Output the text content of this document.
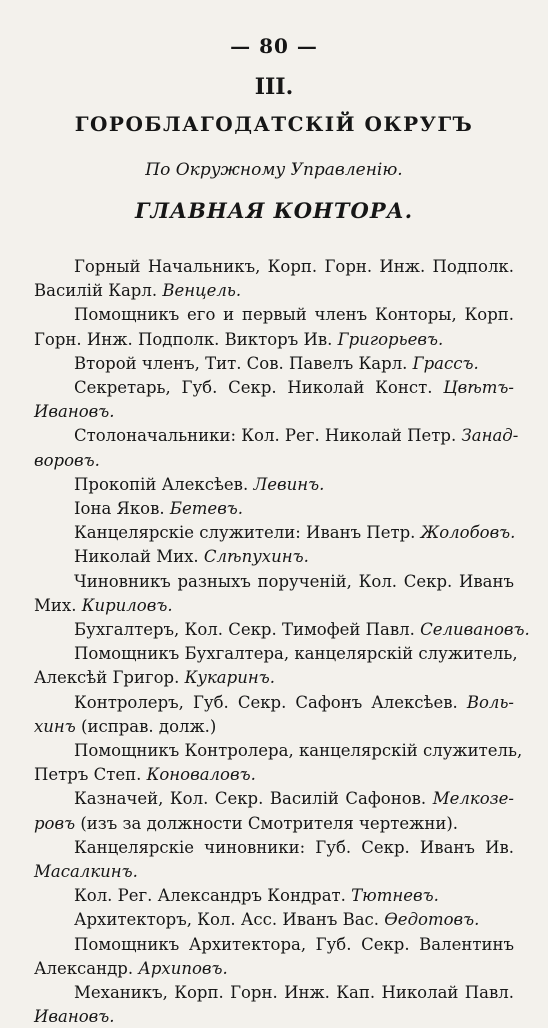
— 80 —
III.
ГОРОБЛАГОДАТСКІЙ ОКРУГЪ
По Окружному Управленію.
ГЛАВНАЯ КОНТОРА.
Горный Начальникъ, Корп. Горн. Инж. Подполк.
Василій Карл. Венцель.
Помощникъ его и первый членъ Конторы, Корп.
Горн. Инж. Подполк. Викторъ Ив. Григорьевъ.
Второй членъ, Тит. Сов. Павелъ Карл. Грассъ.
Секретарь, Губ. Секр. Николай Конст. Цвѣтъ-
Ивановъ.
Столоначальники: Кол. Рег. Николай Петр. Занад-
воровъ.
Прокопій Алексѣев. Левинъ.
Іона Яков. Бетевъ.
Канцелярскіе служители: Иванъ Петр. Жолобовъ.
Николай Мих. Слѣпухинъ.
Чиновникъ разныхъ порученій, Кол. Секр. Иванъ
Мих. Кириловъ.
Бухгалтеръ, Кол. Секр. Тимофей Павл. Селивановъ.
Помощникъ Бухгалтера, канцелярскій служитель,
Алексѣй Григор. Кукаринъ.
Контролеръ, Губ. Секр. Сафонъ Алексѣев. Воль-
хинъ (исправ. долж.)
Помощникъ Контролера, канцелярскій служитель,
Петръ Степ. Коноваловъ.
Казначей, Кол. Секр. Василій Сафонов. Мелкозе-
ровъ (изъ за должности Смотрителя чертежни).
Канцелярскіе чиновники: Губ. Секр. Иванъ Ив.
Масалкинъ.
Кол. Рег. Александръ Кондрат. Тютневъ.
Архитекторъ, Кол. Асс. Иванъ Вас. Ѳедотовъ.
Помощникъ Архитектора, Губ. Секр. Валентинъ
Александр. Архиповъ.
Механикъ, Корп. Горн. Инж. Кап. Николай Павл.
Ивановъ.
